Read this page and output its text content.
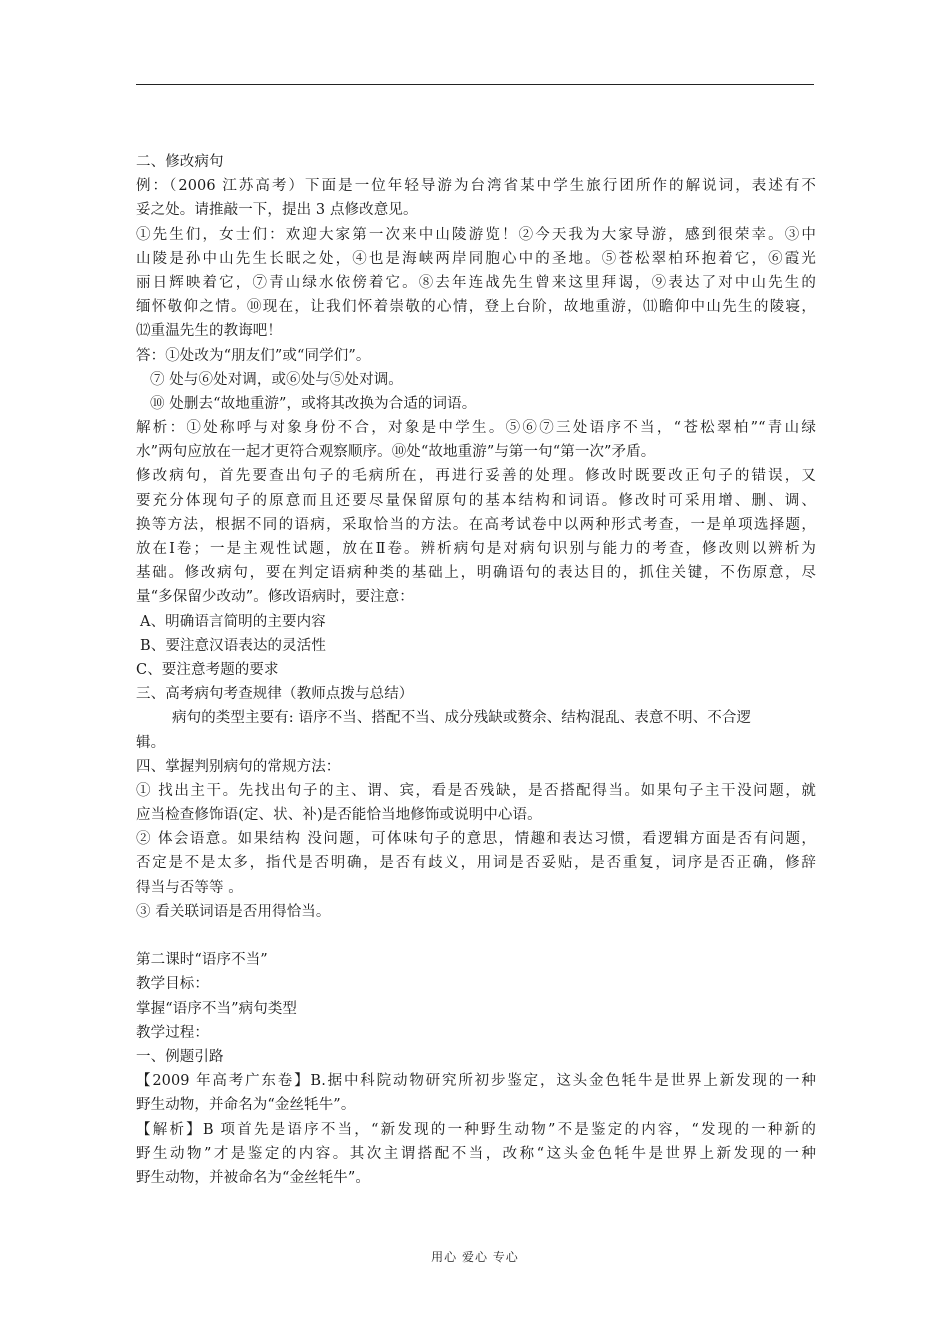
二、修改病句
例：（2006 江苏高考）下面是一位年轻导游为台湾省某中学生旅行团所作的解说词，表述有不
妥之处。请推敲一下，提出 3 点修改意见。
①先生们，女士们：欢迎大家第一次来中山陵游览！②今天我为大家导游，感到很荣幸。③中
山陵是孙中山先生长眠之处，④也是海峡两岸同胞心中的圣地。⑤苍松翠柏环抱着它，⑥霞光
丽日辉映着它，⑦青山绿水依傍着它。⑧去年连战先生曾来这里拜谒，⑨表达了对中山先生的
缅怀敬仰之情。⑩现在，让我们怀着崇敬的心情，登上台阶，故地重游，⑾瞻仰中山先生的陵寝，
⑿重温先生的教诲吧！
答：①处改为“朋友们”或“同学们”。
⑦ 处与⑥处对调，或⑥处与⑤处对调。
⑩ 处删去“故地重游”，或将其改换为合适的词语。
解析：①处称呼与对象身份不合，对象是中学生。⑤⑥⑦三处语序不当，“苍松翠柏”“青山绿
水”两句应放在一起才更符合观察顺序。⑩处“故地重游”与第一句“第一次”矛盾。
修改病句，首先要查出句子的毛病所在，再进行妥善的处理。修改时既要改正句子的错误，又
要充分体现句子的原意而且还要尽量保留原句的基本结构和词语。修改时可采用增、删、调、
换等方法，根据不同的语病，采取恰当的方法。在高考试卷中以两种形式考查，一是单项选择题，
放在Ⅰ卷；一是主观性试题，放在Ⅱ卷。辨析病句是对病句识别与能力的考查，修改则以辨析为
基础。修改病句，要在判定语病种类的基础上，明确语句的表达目的，抓住关键，不伤原意，尽
量“多保留少改动”。修改语病时，要注意：
A、明确语言简明的主要内容
B、要注意汉语表达的灵活性
C、要注意考题的要求
三、高考病句考查规律（教师点拨与总结）
病句的类型主要有: 语序不当、搭配不当、成分残缺或赘余、结构混乱、表意不明、不合逻
辑。
四、掌握判别病句的常规方法：
① 找出主干。先找出句子的主、谓、宾，看是否残缺，是否搭配得当。如果句子主干没问题，就
应当检查修饰语(定、状、补)是否能恰当地修饰或说明中心语。
② 体会语意。如果结构 没问题，可体味句子的意思，情趣和表达习惯，看逻辑方面是否有问题，
否定是不是太多，指代是否明确，是否有歧义，用词是否妥贴，是否重复，词序是否正确，修辞
得当与否等等 。
③ 看关联词语是否用得恰当。
第二课时“语序不当”
教学目标：
掌握“语序不当”病句类型
教学过程：
一、例题引路
【2009 年高考广东卷】B.据中科院动物研究所初步鉴定，这头金色牦牛是世界上新发现的一种
野生动物，并命名为“金丝牦牛”。
【解析】B 项首先是语序不当，“新发现的一种野生动物”不是鉴定的内容，“发现的一种新的
野生动物”才是鉴定的内容。其次主谓搭配不当，改称“这头金色牦牛是世界上新发现的一种
野生动物，并被命名为“金丝牦牛”。
用心 爱心 专心
